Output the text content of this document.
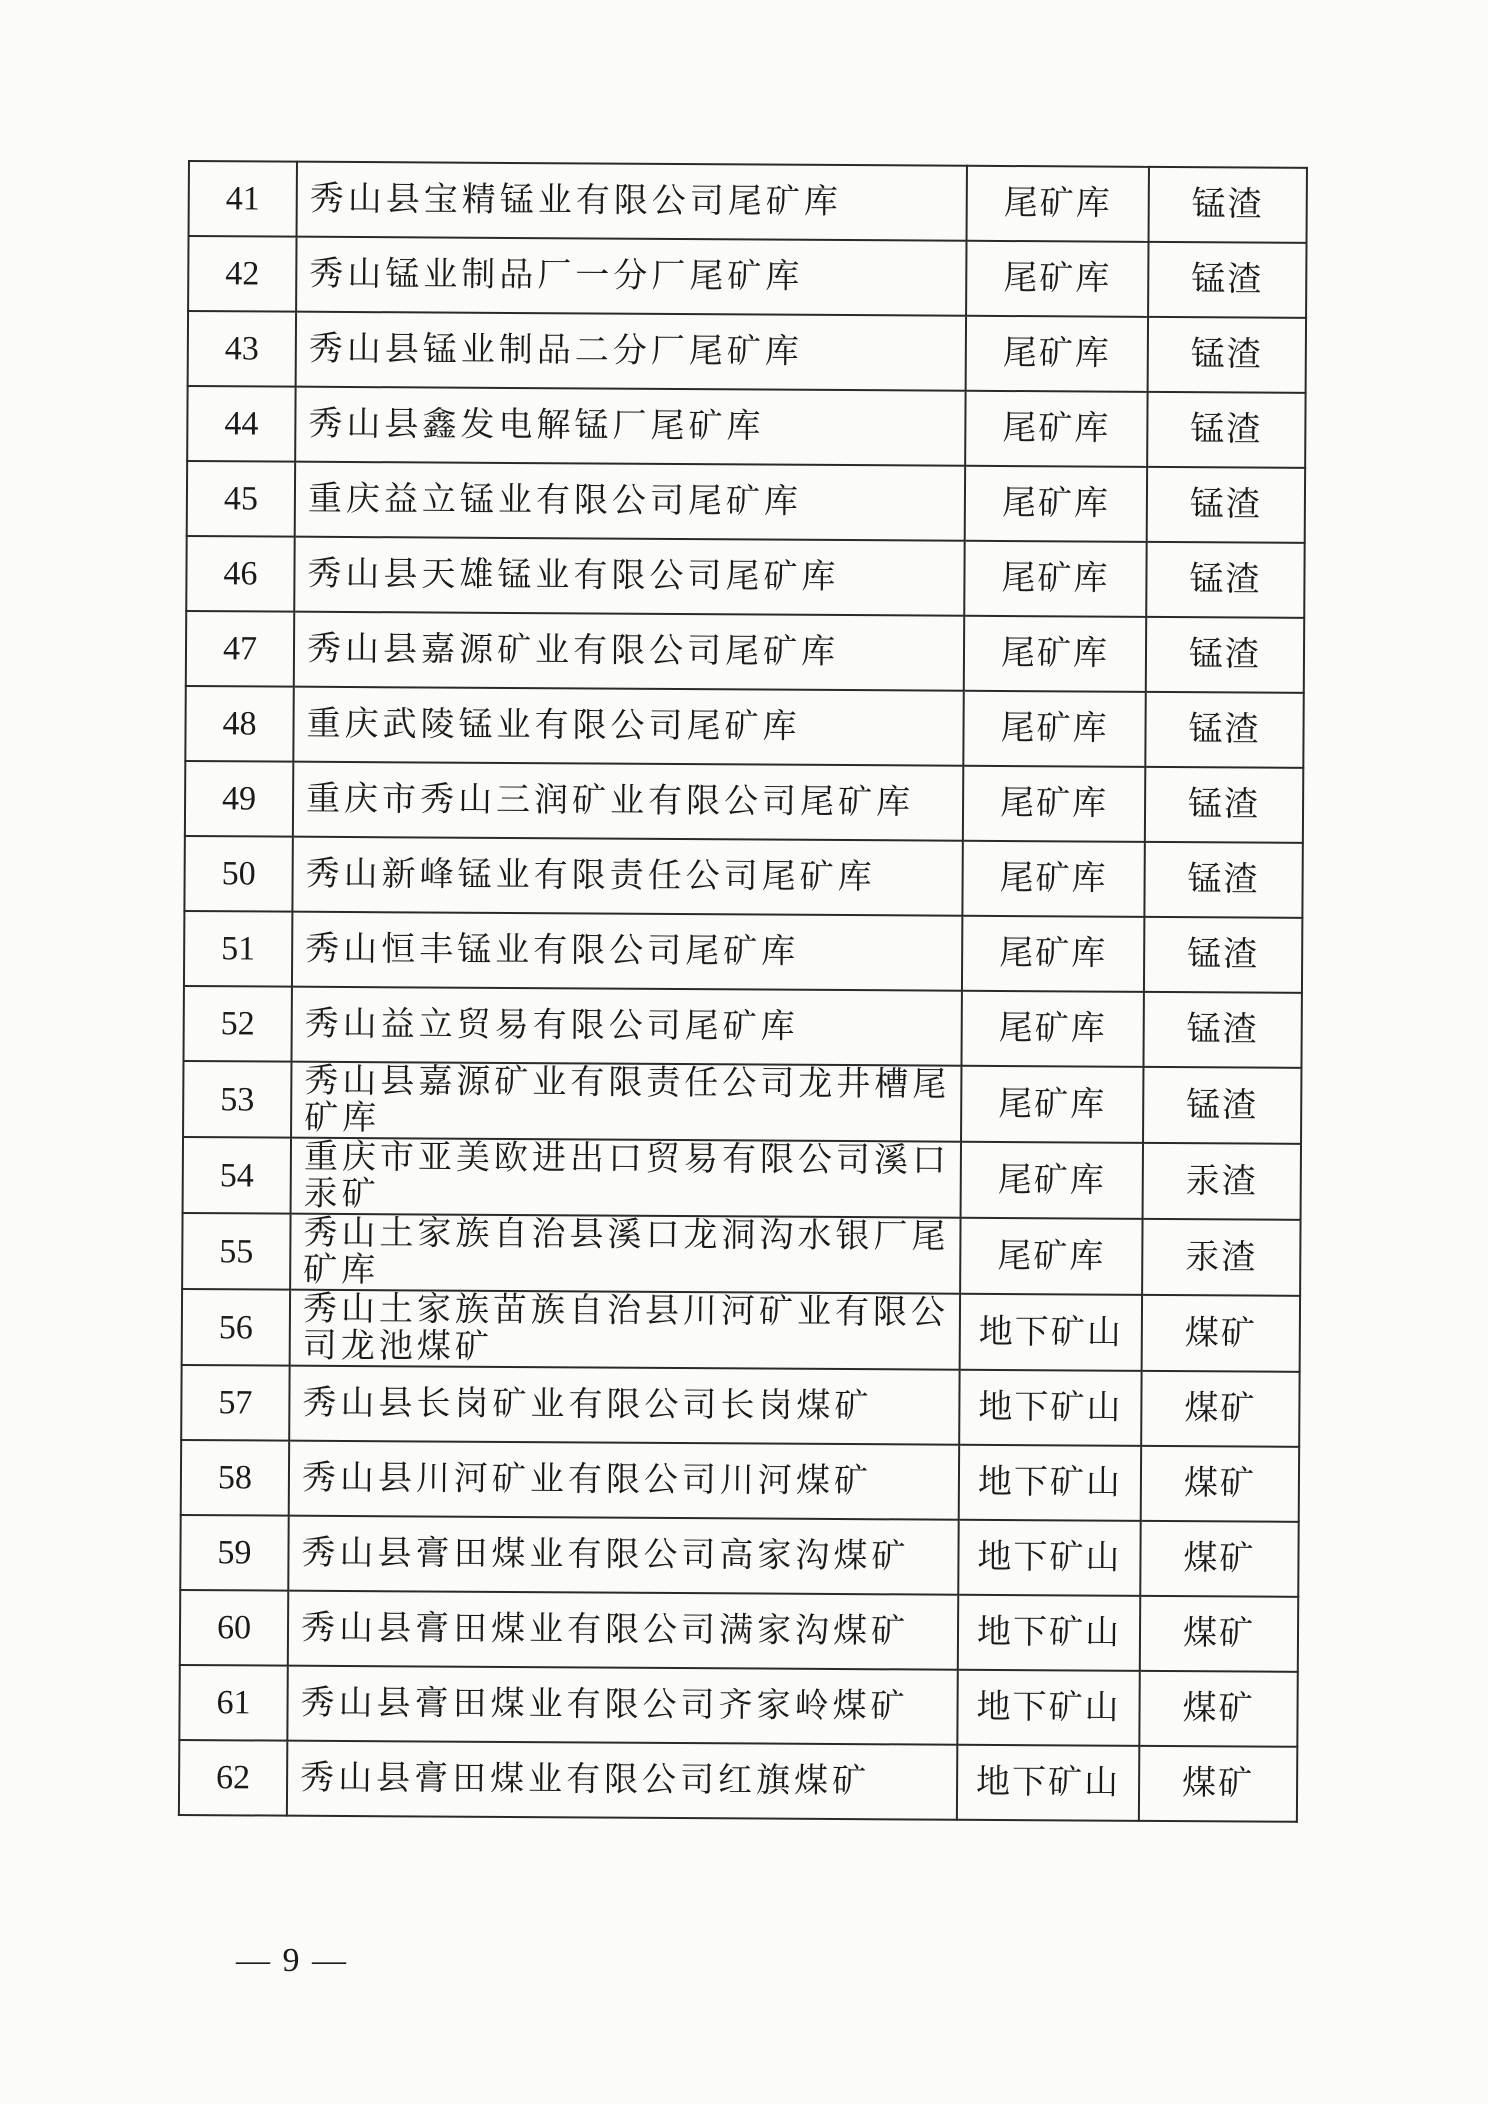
41	秀山县宝精锰业有限公司尾矿库	尾矿库	锰渣
42	秀山锰业制品厂一分厂尾矿库	尾矿库	锰渣
43	秀山县锰业制品二分厂尾矿库	尾矿库	锰渣
44	秀山县鑫发电解锰厂尾矿库	尾矿库	锰渣
45	重庆益立锰业有限公司尾矿库	尾矿库	锰渣
46	秀山县天雄锰业有限公司尾矿库	尾矿库	锰渣
47	秀山县嘉源矿业有限公司尾矿库	尾矿库	锰渣
48	重庆武陵锰业有限公司尾矿库	尾矿库	锰渣
49	重庆市秀山三润矿业有限公司尾矿库	尾矿库	锰渣
50	秀山新峰锰业有限责任公司尾矿库	尾矿库	锰渣
51	秀山恒丰锰业有限公司尾矿库	尾矿库	锰渣
52	秀山益立贸易有限公司尾矿库	尾矿库	锰渣
53	秀山县嘉源矿业有限责任公司龙井槽尾矿库	尾矿库	锰渣
54	重庆市亚美欧进出口贸易有限公司溪口汞矿	尾矿库	汞渣
55	秀山土家族自治县溪口龙洞沟水银厂尾矿库	尾矿库	汞渣
56	秀山土家族苗族自治县川河矿业有限公司龙池煤矿	地下矿山	煤矿
57	秀山县长岗矿业有限公司长岗煤矿	地下矿山	煤矿
58	秀山县川河矿业有限公司川河煤矿	地下矿山	煤矿
59	秀山县膏田煤业有限公司高家沟煤矿	地下矿山	煤矿
60	秀山县膏田煤业有限公司满家沟煤矿	地下矿山	煤矿
61	秀山县膏田煤业有限公司齐家岭煤矿	地下矿山	煤矿
62	秀山县膏田煤业有限公司红旗煤矿	地下矿山	煤矿
— 9 —
